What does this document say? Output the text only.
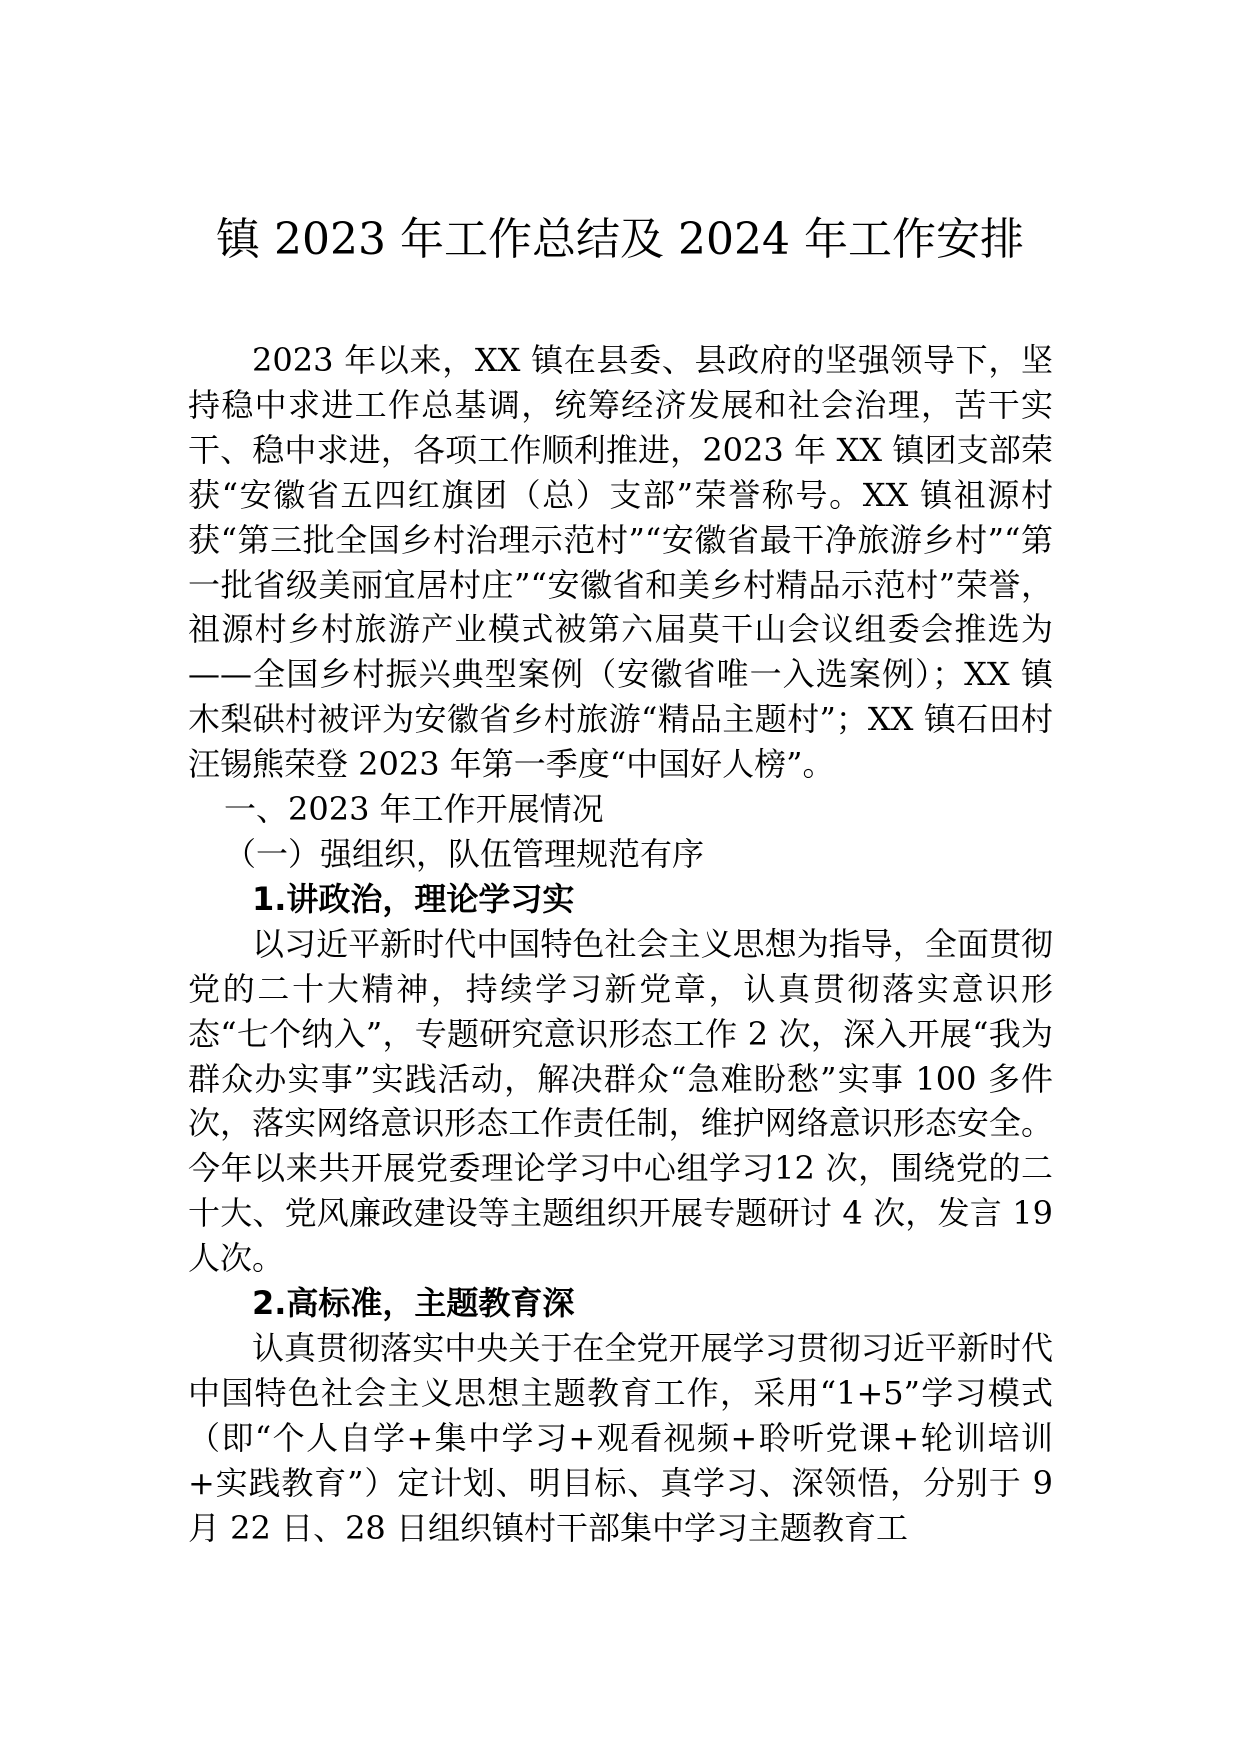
镇 2023 年工作总结及 2024 年工作安排

2023 年以来，XX 镇在县委、县政府的坚强领导下，坚持稳中求进工作总基调，统筹经济发展和社会治理，苦干实干、稳中求进，各项工作顺利推进，2023 年 XX 镇团支部荣获“安徽省五四红旗团（总）支部”荣誉称号。XX 镇祖源村获“第三批全国乡村治理示范村”“安徽省最干净旅游乡村”“第一批省级美丽宜居村庄”“安徽省和美乡村精品示范村”荣誉，祖源村乡村旅游产业模式被第六届莫干山会议组委会推选为——全国乡村振兴典型案例（安徽省唯一入选案例）；XX 镇木梨硔村被评为安徽省乡村旅游“精品主题村”；XX 镇石田村汪锡熊荣登 2023 年第一季度“中国好人榜”。

一、2023 年工作开展情况

（一）强组织，队伍管理规范有序

1.讲政治，理论学习实

以习近平新时代中国特色社会主义思想为指导，全面贯彻党的二十大精神，持续学习新党章，认真贯彻落实意识形态“七个纳入”，专题研究意识形态工作 2 次，深入开展“我为群众办实事”实践活动，解决群众“急难盼愁”实事 100 多件次，落实网络意识形态工作责任制，维护网络意识形态安全。今年以来共开展党委理论学习中心组学习12 次，围绕党的二十大、党风廉政建设等主题组织开展专题研讨 4 次，发言 19 人次。

2.高标准，主题教育深

认真贯彻落实中央关于在全党开展学习贯彻习近平新时代中国特色社会主义思想主题教育工作，采用“1+5”学习模式（即“个人自学+集中学习+观看视频+聆听党课+轮训培训+实践教育”）定计划、明目标、真学习、深领悟，分别于 9 月 22 日、28 日组织镇村干部集中学习主题教育工
